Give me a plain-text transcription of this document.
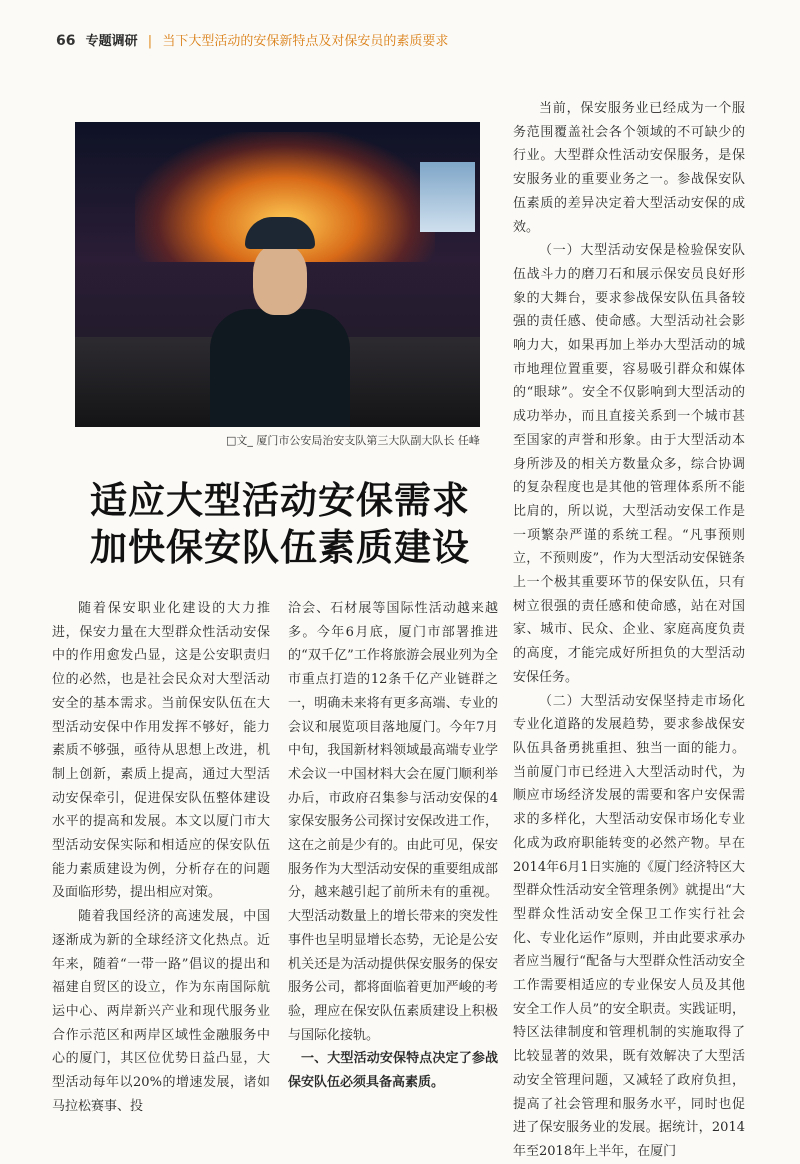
66 专题调研 | 当下大型活动的安保新特点及对保安员的素质要求
□文_ 厦门市公安局治安支队第三大队副大队长 任峰
适应大型活动安保需求
加快保安队伍素质建设

随着保安职业化建设的大力推进，保安力量在大型群众性活动安保中的作用愈发凸显，这是公安职责归位的必然，也是社会民众对大型活动安全的基本需求。当前保安队伍在大型活动安保中作用发挥不够好，能力素质不够强，亟待从思想上改进，机制上创新，素质上提高，通过大型活动安保牵引，促进保安队伍整体建设水平的提高和发展。本文以厦门市大型活动安保实际和相适应的保安队伍能力素质建设为例，分析存在的问题及面临形势，提出相应对策。

随着我国经济的高速发展，中国逐渐成为新的全球经济文化热点。近年来，随着“一带一路”倡议的提出和福建自贸区的设立，作为东南国际航运中心、两岸新兴产业和现代服务业合作示范区和两岸区域性金融服务中心的厦门，其区位优势日益凸显，大型活动每年以20%的增速发展，诸如马拉松赛事、投

洽会、石材展等国际性活动越来越多。今年6月底，厦门市部署推进的“双千亿”工作将旅游会展业列为全市重点打造的12条千亿产业链群之一，明确未来将有更多高端、专业的会议和展览项目落地厦门。今年7月中旬，我国新材料领域最高端专业学术会议一中国材料大会在厦门顺利举办后，市政府召集参与活动安保的4家保安服务公司探讨安保改进工作，这在之前是少有的。由此可见，保安服务作为大型活动安保的重要组成部分，越来越引起了前所未有的重视。大型活动数量上的增长带来的突发性事件也呈明显增长态势，无论是公安机关还是为活动提供保安服务的保安服务公司，都将面临着更加严峻的考验，理应在保安队伍素质建设上积极与国际化接轨。

一、大型活动安保特点决定了参战保安队伍必须具备高素质。

当前，保安服务业已经成为一个服务范围覆盖社会各个领域的不可缺少的行业。大型群众性活动安保服务，是保安服务业的重要业务之一。参战保安队伍素质的差异决定着大型活动安保的成效。

（一）大型活动安保是检验保安队伍战斗力的磨刀石和展示保安员良好形象的大舞台，要求参战保安队伍具备较强的责任感、使命感。大型活动社会影响力大，如果再加上举办大型活动的城市地理位置重要，容易吸引群众和媒体的“眼球”。安全不仅影响到大型活动的成功举办，而且直接关系到一个城市甚至国家的声誉和形象。由于大型活动本身所涉及的相关方数量众多，综合协调的复杂程度也是其他的管理体系所不能比肩的，所以说，大型活动安保工作是一项繁杂严谨的系统工程。“凡事预则立，不预则废”，作为大型活动安保链条上一个极其重要环节的保安队伍，只有树立很强的责任感和使命感，站在对国家、城市、民众、企业、家庭高度负责的高度，才能完成好所担负的大型活动安保任务。

（二）大型活动安保坚持走市场化专业化道路的发展趋势，要求参战保安队伍具备勇挑重担、独当一面的能力。当前厦门市已经进入大型活动时代，为顺应市场经济发展的需要和客户安保需求的多样化，大型活动安保市场化专业化成为政府职能转变的必然产物。早在2014年6月1日实施的《厦门经济特区大型群众性活动安全管理条例》就提出“大型群众性活动安全保卫工作实行社会化、专业化运作”原则，并由此要求承办者应当履行“配备与大型群众性活动安全工作需要相适应的专业保安人员及其他安全工作人员”的安全职责。实践证明，特区法律制度和管理机制的实施取得了比较显著的效果，既有效解决了大型活动安全管理问题，又减轻了政府负担，提高了社会管理和服务水平，同时也促进了保安服务业的发展。据统计，2014年至2018年上半年，在厦门
